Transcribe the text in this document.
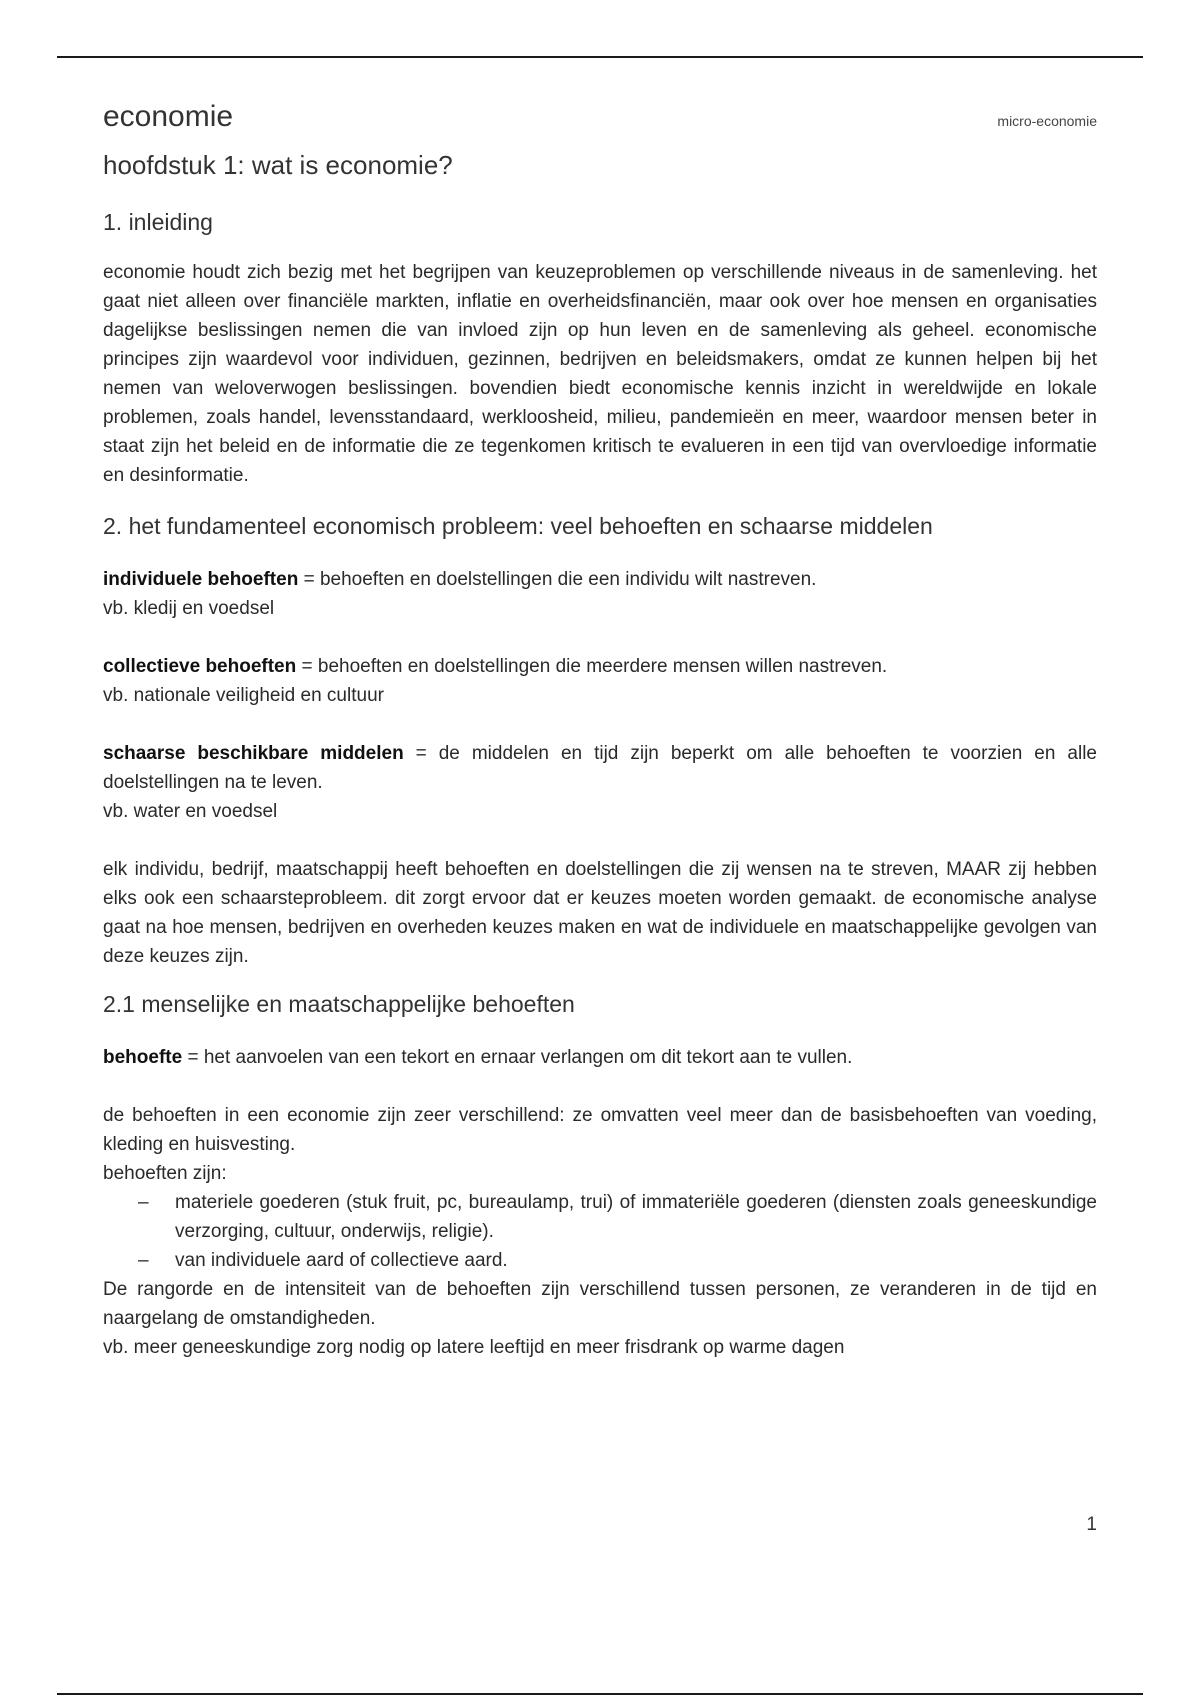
economie	micro-economie
hoofdstuk 1: wat is economie?
1. inleiding

economie houdt zich bezig met het begrijpen van keuzeproblemen op verschillende niveaus in de samenleving. het gaat niet alleen over financiële markten, inflatie en overheidsfinanciën, maar ook over hoe mensen en organisaties dagelijkse beslissingen nemen die van invloed zijn op hun leven en de samenleving als geheel. economische principes zijn waardevol voor individuen, gezinnen, bedrijven en beleidsmakers, omdat ze kunnen helpen bij het nemen van weloverwogen beslissingen. bovendien biedt economische kennis inzicht in wereldwijde en lokale problemen, zoals handel, levensstandaard, werkloosheid, milieu, pandemieën en meer, waardoor mensen beter in staat zijn het beleid en de informatie die ze tegenkomen kritisch te evalueren in een tijd van overvloedige informatie en desinformatie.

2. het fundamenteel economisch probleem: veel behoeften en schaarse middelen

individuele behoeften = behoeften en doelstellingen die een individu wilt nastreven.

vb. kledij en voedsel

collectieve behoeften = behoeften en doelstellingen die meerdere mensen willen nastreven.

vb. nationale veiligheid en cultuur

schaarse beschikbare middelen = de middelen en tijd zijn beperkt om alle behoeften te voorzien en alle doelstellingen na te leven.

vb. water en voedsel

elk individu, bedrijf, maatschappij heeft behoeften en doelstellingen die zij wensen na te streven, MAAR zij hebben elks ook een schaarsteprobleem. dit zorgt ervoor dat er keuzes moeten worden gemaakt. de economische analyse gaat na hoe mensen, bedrijven en overheden keuzes maken en wat de individuele en maatschappelijke gevolgen van deze keuzes zijn.

2.1 menselijke en maatschappelijke behoeften

behoefte = het aanvoelen van een tekort en ernaar verlangen om dit tekort aan te vullen.

de behoeften in een economie zijn zeer verschillend: ze omvatten veel meer dan de basisbehoeften van voeding, kleding en huisvesting.

behoeften zijn:

– materiele goederen (stuk fruit, pc, bureaulamp, trui) of immateriële goederen (diensten zoals geneeskundige verzorging, cultuur, onderwijs, religie).
– van individuele aard of collectieve aard.

De rangorde en de intensiteit van de behoeften zijn verschillend tussen personen, ze veranderen in de tijd en naargelang de omstandigheden.

vb. meer geneeskundige zorg nodig op latere leeftijd en meer frisdrank op warme dagen

1
